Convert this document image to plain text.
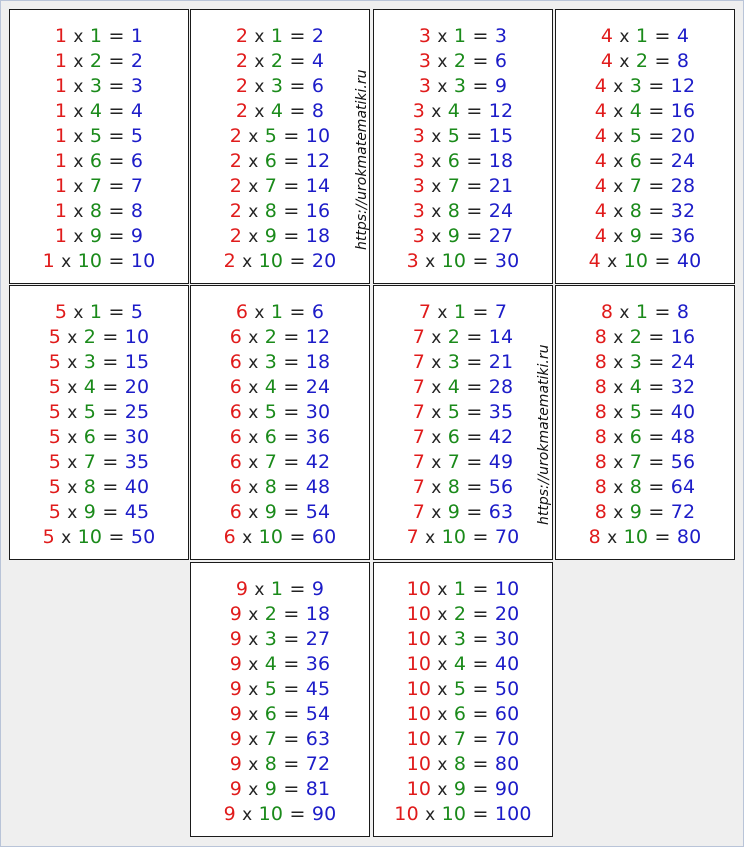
1 x 1 = 1
1 x 2 = 2
1 x 3 = 3
1 x 4 = 4
1 x 5 = 5
1 x 6 = 6
1 x 7 = 7
1 x 8 = 8
1 x 9 = 9
1 x 10 = 10
2 x 1 = 2
2 x 2 = 4
2 x 3 = 6
2 x 4 = 8
2 x 5 = 10
2 x 6 = 12
2 x 7 = 14
2 x 8 = 16
2 x 9 = 18
2 x 10 = 20
3 x 1 = 3
3 x 2 = 6
3 x 3 = 9
3 x 4 = 12
3 x 5 = 15
3 x 6 = 18
3 x 7 = 21
3 x 8 = 24
3 x 9 = 27
3 x 10 = 30
4 x 1 = 4
4 x 2 = 8
4 x 3 = 12
4 x 4 = 16
4 x 5 = 20
4 x 6 = 24
4 x 7 = 28
4 x 8 = 32
4 x 9 = 36
4 x 10 = 40
5 x 1 = 5
5 x 2 = 10
5 x 3 = 15
5 x 4 = 20
5 x 5 = 25
5 x 6 = 30
5 x 7 = 35
5 x 8 = 40
5 x 9 = 45
5 x 10 = 50
6 x 1 = 6
6 x 2 = 12
6 x 3 = 18
6 x 4 = 24
6 x 5 = 30
6 x 6 = 36
6 x 7 = 42
6 x 8 = 48
6 x 9 = 54
6 x 10 = 60
7 x 1 = 7
7 x 2 = 14
7 x 3 = 21
7 x 4 = 28
7 x 5 = 35
7 x 6 = 42
7 x 7 = 49
7 x 8 = 56
7 x 9 = 63
7 x 10 = 70
8 x 1 = 8
8 x 2 = 16
8 x 3 = 24
8 x 4 = 32
8 x 5 = 40
8 x 6 = 48
8 x 7 = 56
8 x 8 = 64
8 x 9 = 72
8 x 10 = 80
9 x 1 = 9
9 x 2 = 18
9 x 3 = 27
9 x 4 = 36
9 x 5 = 45
9 x 6 = 54
9 x 7 = 63
9 x 8 = 72
9 x 9 = 81
9 x 10 = 90
10 x 1 = 10
10 x 2 = 20
10 x 3 = 30
10 x 4 = 40
10 x 5 = 50
10 x 6 = 60
10 x 7 = 70
10 x 8 = 80
10 x 9 = 90
10 x 10 = 100
https://urokmatematiki.ru
https://urokmatematiki.ru
